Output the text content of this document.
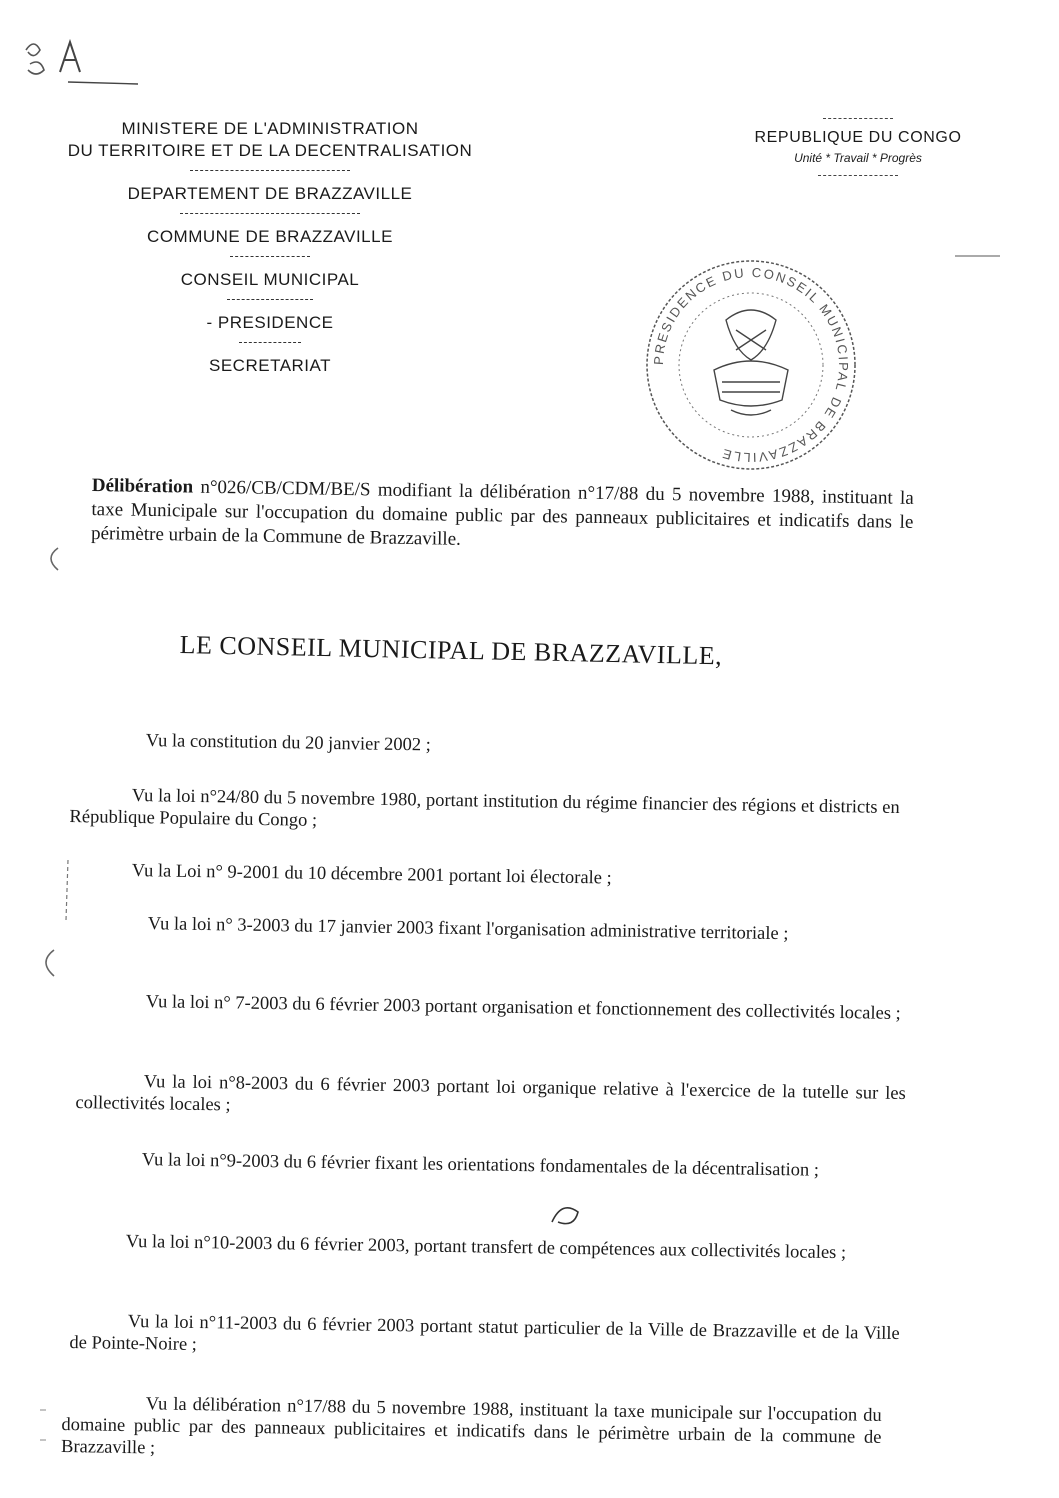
8 A
MINISTERE DE L'ADMINISTRATION
DU TERRITOIRE ET DE LA DECENTRALISATION
DEPARTEMENT DE BRAZZAVILLE
COMMUNE DE BRAZZAVILLE
CONSEIL MUNICIPAL
- PRESIDENCE
SECRETARIAT
REPUBLIQUE DU CONGO
Unité * Travail * Progrès
PRESIDENCE DU CONSEIL MUNICIPAL DE BRAZZAVILLE
Délibération n°026/CB/CDM/BE/S modifiant la délibération n°17/88 du 5 novembre 1988, instituant la taxe Municipale sur l'occupation du domaine public par des panneaux publicitaires et indicatifs dans le périmètre urbain de la Commune de Brazzaville.
LE CONSEIL MUNICIPAL DE BRAZZAVILLE,
Vu la constitution du 20 janvier 2002 ;
Vu la loi n°24/80 du 5 novembre 1980, portant institution du régime financier des régions et districts en République Populaire du Congo ;
Vu la Loi n° 9-2001 du 10 décembre 2001 portant loi électorale ;
Vu la loi n° 3-2003 du 17 janvier 2003 fixant l'organisation administrative territoriale ;
Vu la loi n° 7-2003 du 6 février 2003 portant organisation et fonctionnement des collectivités locales ;
Vu la loi n°8-2003 du 6 février 2003 portant loi organique relative à l'exercice de la tutelle sur les collectivités locales ;
Vu la loi n°9-2003 du 6 février fixant les orientations fondamentales de la décentralisation ;
Vu la loi n°10-2003 du 6 février 2003, portant transfert de compétences aux collectivités locales ;
Vu la loi n°11-2003 du 6 février 2003 portant statut particulier de la Ville de Brazzaville et de la Ville de Pointe-Noire ;
Vu la délibération n°17/88 du 5 novembre 1988, instituant la taxe municipale sur l'occupation du domaine public par des panneaux publicitaires et indicatifs dans le périmètre urbain de la commune de Brazzaville ;
